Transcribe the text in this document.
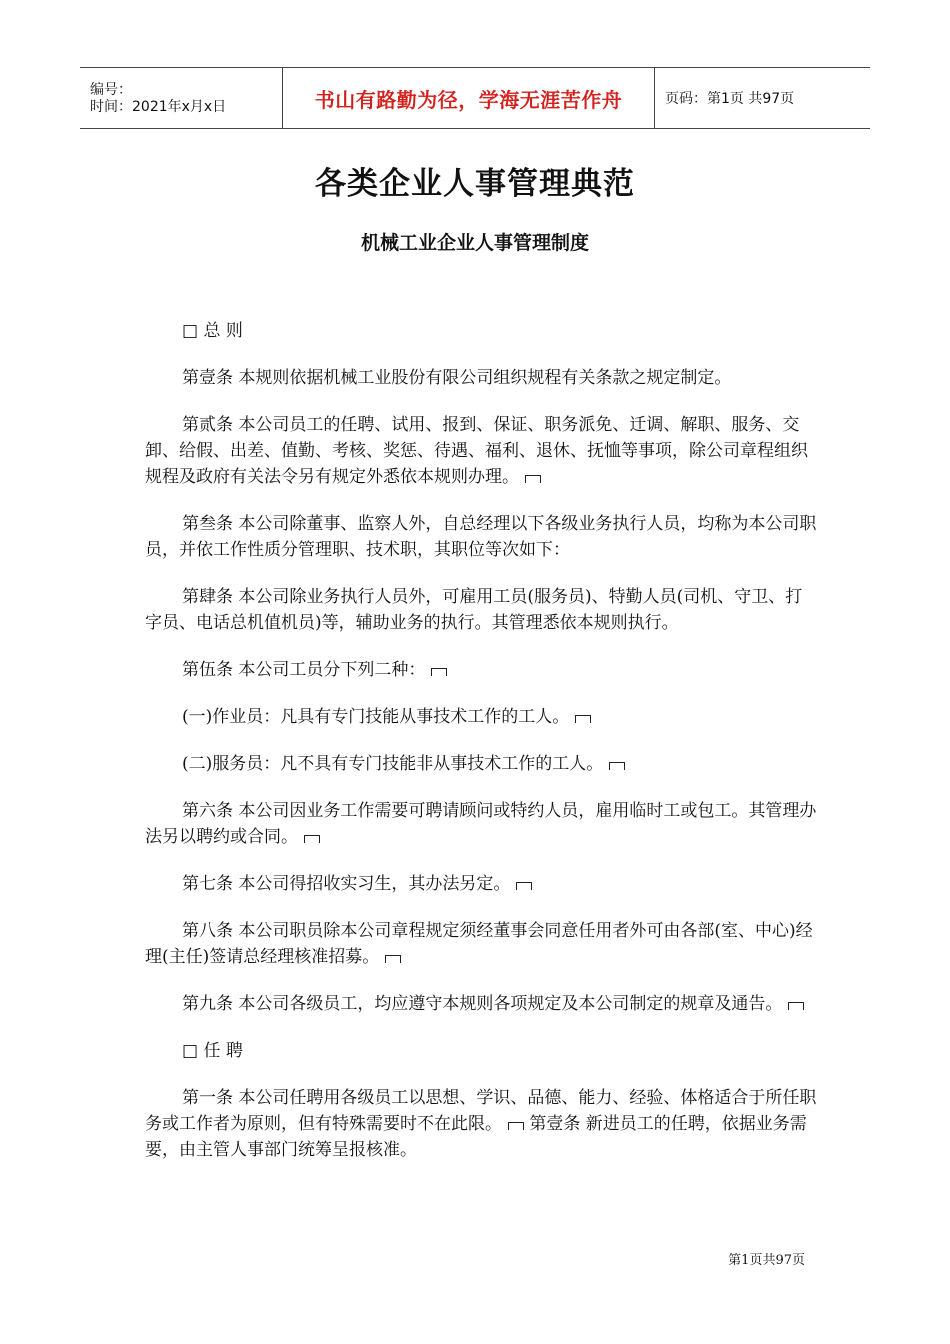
编号：
时间：2021年x月x日	书山有路勤为径，学海无涯苦作舟	页码：第1页 共97页
各类企业人事管理典范
机械工业企业人事管理制度

□ 总 则

第壹条 本规则依据机械工业股份有限公司组织规程有关条款之规定制定。

第贰条 本公司员工的任聘、试用、报到、保证、职务派免、迁调、解职、服务、交卸、给假、出差、值勤、考核、奖惩、待遇、福利、退休、抚恤等事项，除公司章程组织规程及政府有关法令另有规定外悉依本规则办理。

第叁条 本公司除董事、监察人外，自总经理以下各级业务执行人员，均称为本公司职员，并依工作性质分管理职、技术职，其职位等次如下：

第肆条 本公司除业务执行人员外，可雇用工员(服务员)、特勤人员(司机、守卫、打字员、电话总机值机员)等，辅助业务的执行。其管理悉依本规则执行。

第伍条 本公司工员分下列二种：

(一)作业员：凡具有专门技能从事技术工作的工人。

(二)服务员：凡不具有专门技能非从事技术工作的工人。

第六条 本公司因业务工作需要可聘请顾问或特约人员，雇用临时工或包工。其管理办法另以聘约或合同。

第七条 本公司得招收实习生，其办法另定。

第八条 本公司职员除本公司章程规定须经董事会同意任用者外可由各部(室、中心)经理(主任)签请总经理核准招募。

第九条 本公司各级员工，均应遵守本规则各项规定及本公司制定的规章及通告。

□ 任 聘

第一条 本公司任聘用各级员工以思想、学识、品德、能力、经验、体格适合于所任职务或工作者为原则，但有特殊需要时不在此限。 第壹条 新进员工的任聘，依据业务需要，由主管人事部门统筹呈报核准。

第1页共97页
